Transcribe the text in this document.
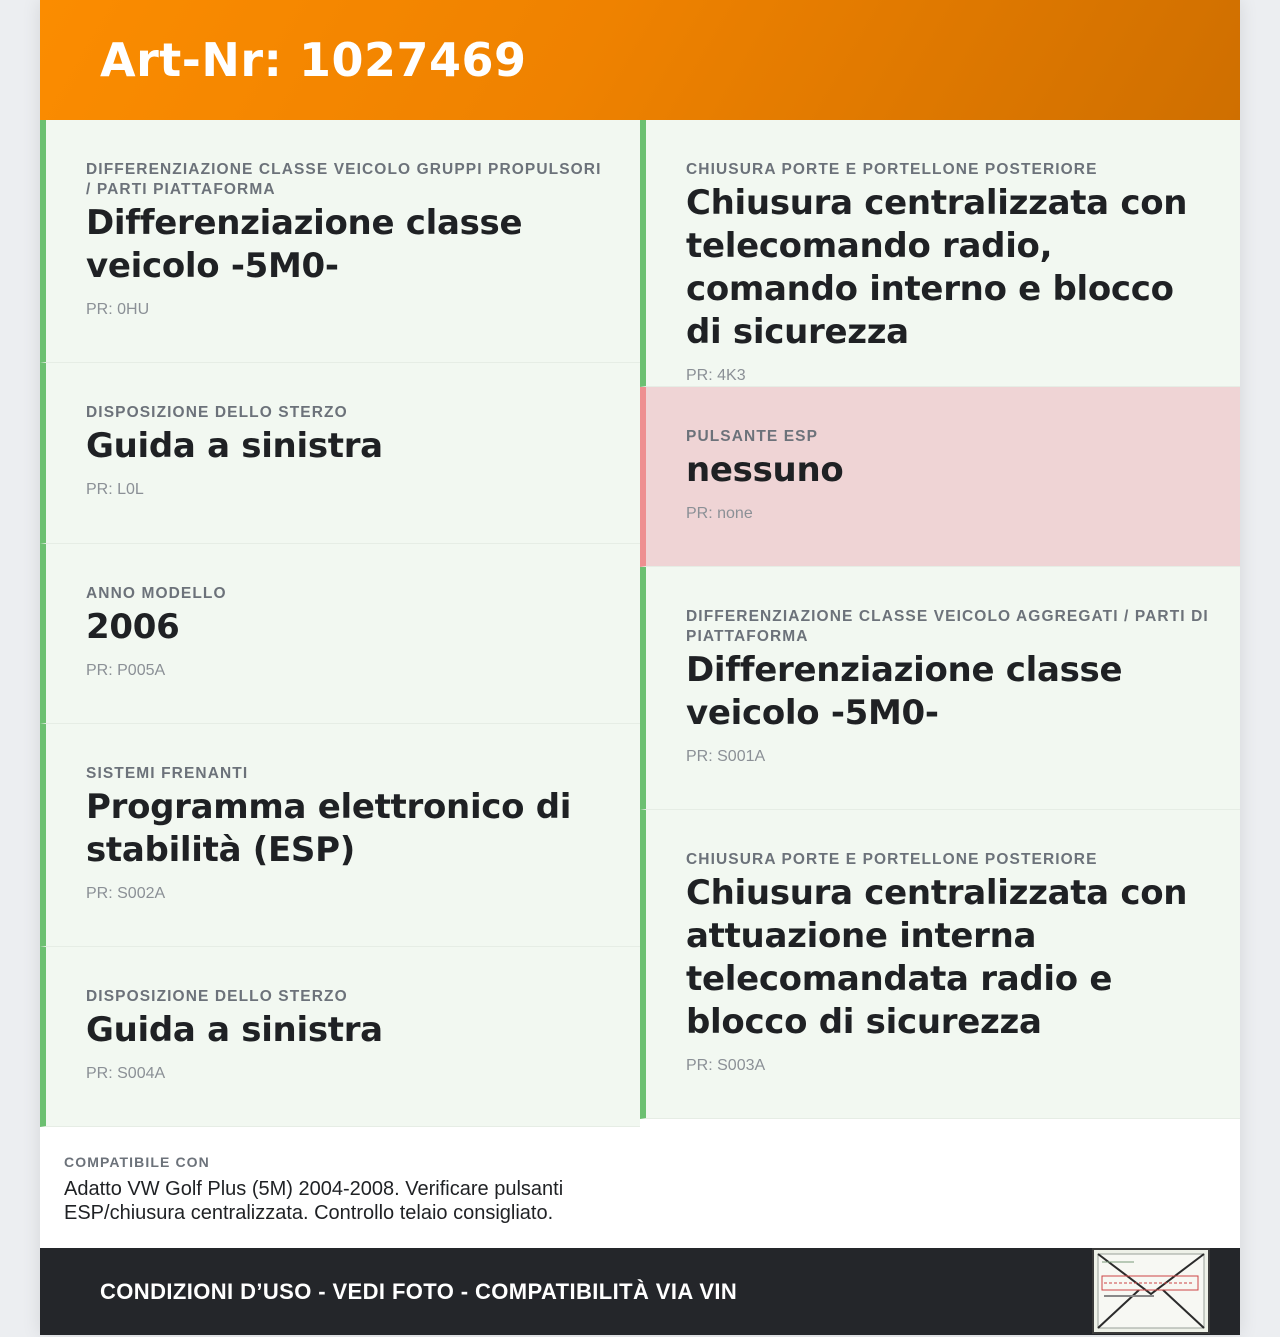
Art-Nr: 1027469
DIFFERENZIAZIONE CLASSE VEICOLO GRUPPI PROPULSORI / PARTI PIATTAFORMA
Differenziazione classe veicolo -5M0-
PR: 0HU
DISPOSIZIONE DELLO STERZO
Guida a sinistra
PR: L0L
ANNO MODELLO
2006
PR: P005A
SISTEMI FRENANTI
Programma elettronico di stabilità (ESP)
PR: S002A
DISPOSIZIONE DELLO STERZO
Guida a sinistra
PR: S004A
COMPATIBILE CON
Adatto VW Golf Plus (5M) 2004-2008. Verificare pulsanti ESP/chiusura centralizzata. Controllo telaio consigliato.
CHIUSURA PORTE E PORTELLONE POSTERIORE
Chiusura centralizzata con telecomando radio, comando interno e blocco di sicurezza
PR: 4K3
PULSANTE ESP
nessuno
PR: none
DIFFERENZIAZIONE CLASSE VEICOLO AGGREGATI / PARTI DI PIATTAFORMA
Differenziazione classe veicolo -5M0-
PR: S001A
CHIUSURA PORTE E PORTELLONE POSTERIORE
Chiusura centralizzata con attuazione interna telecomandata radio e blocco di sicurezza
PR: S003A
CONDIZIONI D’USO - VEDI FOTO - COMPATIBILITÀ VIA VIN
